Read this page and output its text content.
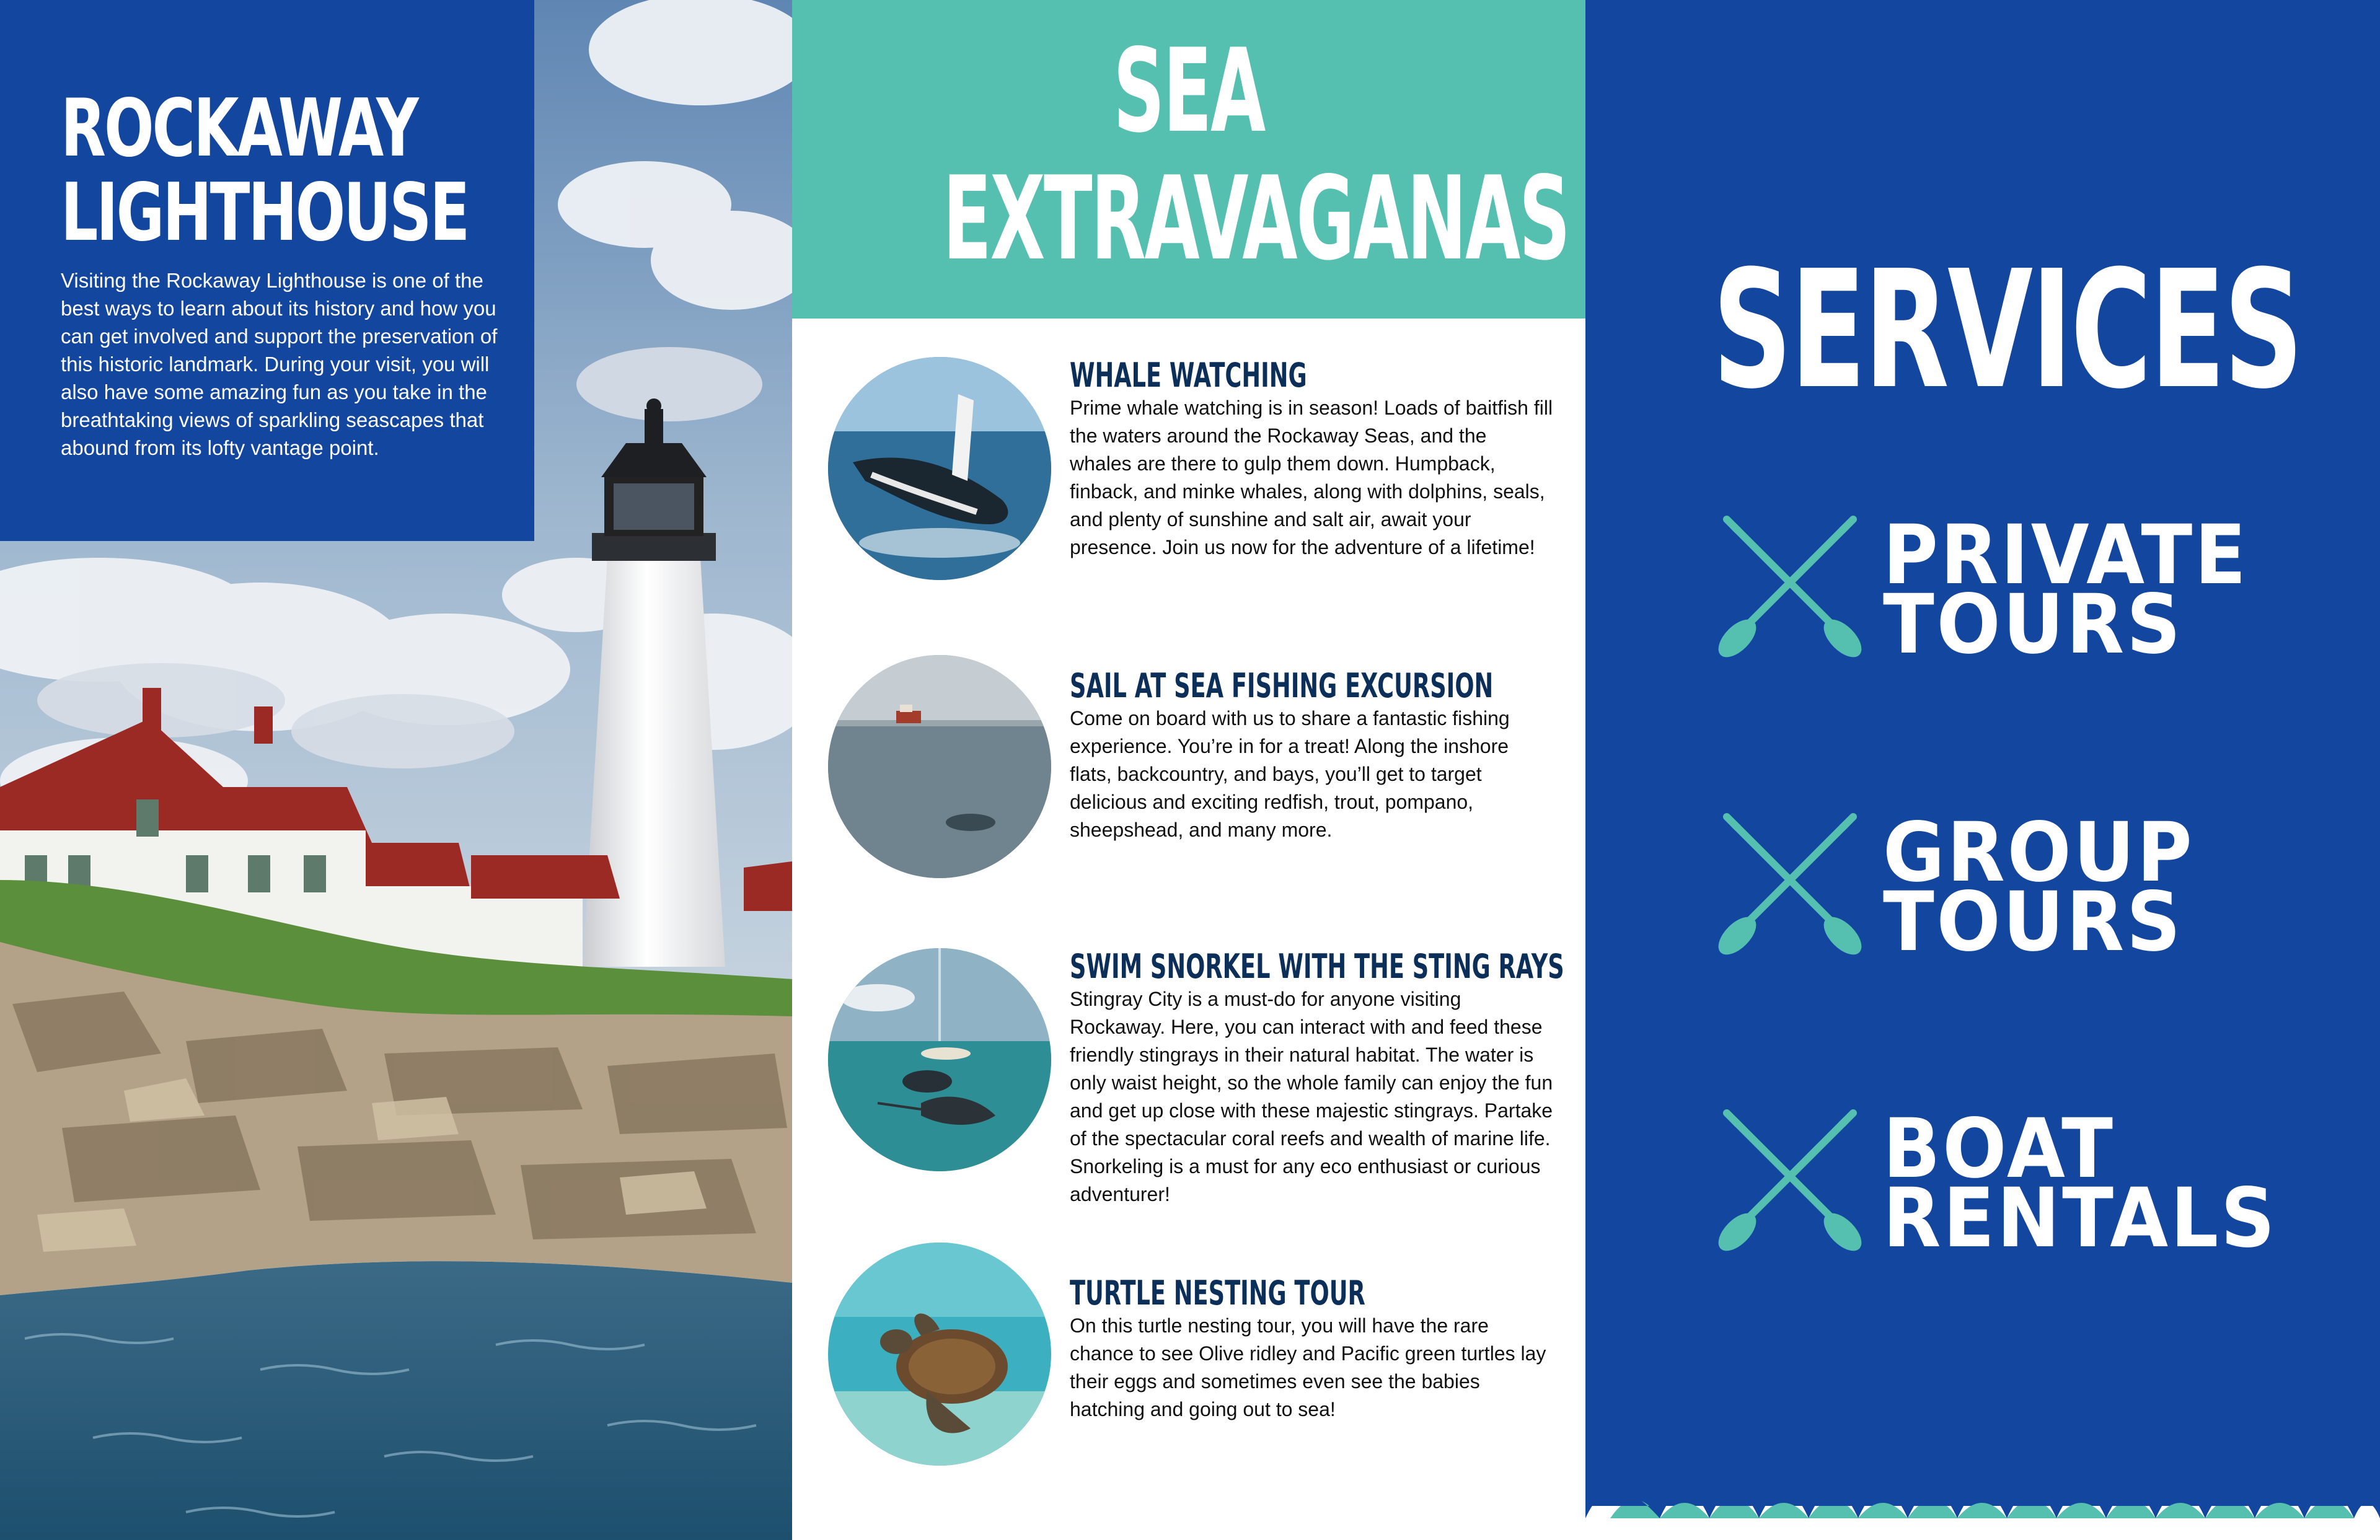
ROCKAWAY
LIGHTHOUSE

Visiting the Rockaway Lighthouse is one of the best ways to learn about its history and how you can get involved and support the preservation of this historic landmark. During your visit, you will also have some amazing fun as you take in the breathtaking views of sparkling seascapes that abound from its lofty vantage point.

SEA
EXTRAVAGANAS
WHALE WATCHING

Prime whale watching is in season! Loads of baitfish fill the waters around the Rockaway Seas, and the whales are there to gulp them down. Humpback, finback, and minke whales, along with dolphins, seals, and plenty of sunshine and salt air, await your presence. Join us now for the adventure of a lifetime!

SAIL AT SEA FISHING EXCURSION

Come on board with us to share a fantastic fishing experience. You’re in for a treat! Along the inshore flats, backcountry, and bays, you’ll get to target delicious and exciting redfish, trout, pompano, sheepshead, and many more.

SWIM SNORKEL WITH THE STING RAYS

Stingray City is a must-do for anyone visiting Rockaway. Here, you can interact with and feed these friendly stingrays in their natural habitat. The water is only waist height, so the whole family can enjoy the fun and get up close with these majestic stingrays. Partake of the spectacular coral reefs and wealth of marine life. Snorkeling is a must for any eco enthusiast or curious adventurer!

TURTLE NESTING TOUR

On this turtle nesting tour, you will have the rare chance to see Olive ridley and Pacific green turtles lay their eggs and sometimes even see the babies hatching and going out to sea!

SERVICES
PRIVATE
TOURS
GROUP
TOURS
BOAT
RENTALS
